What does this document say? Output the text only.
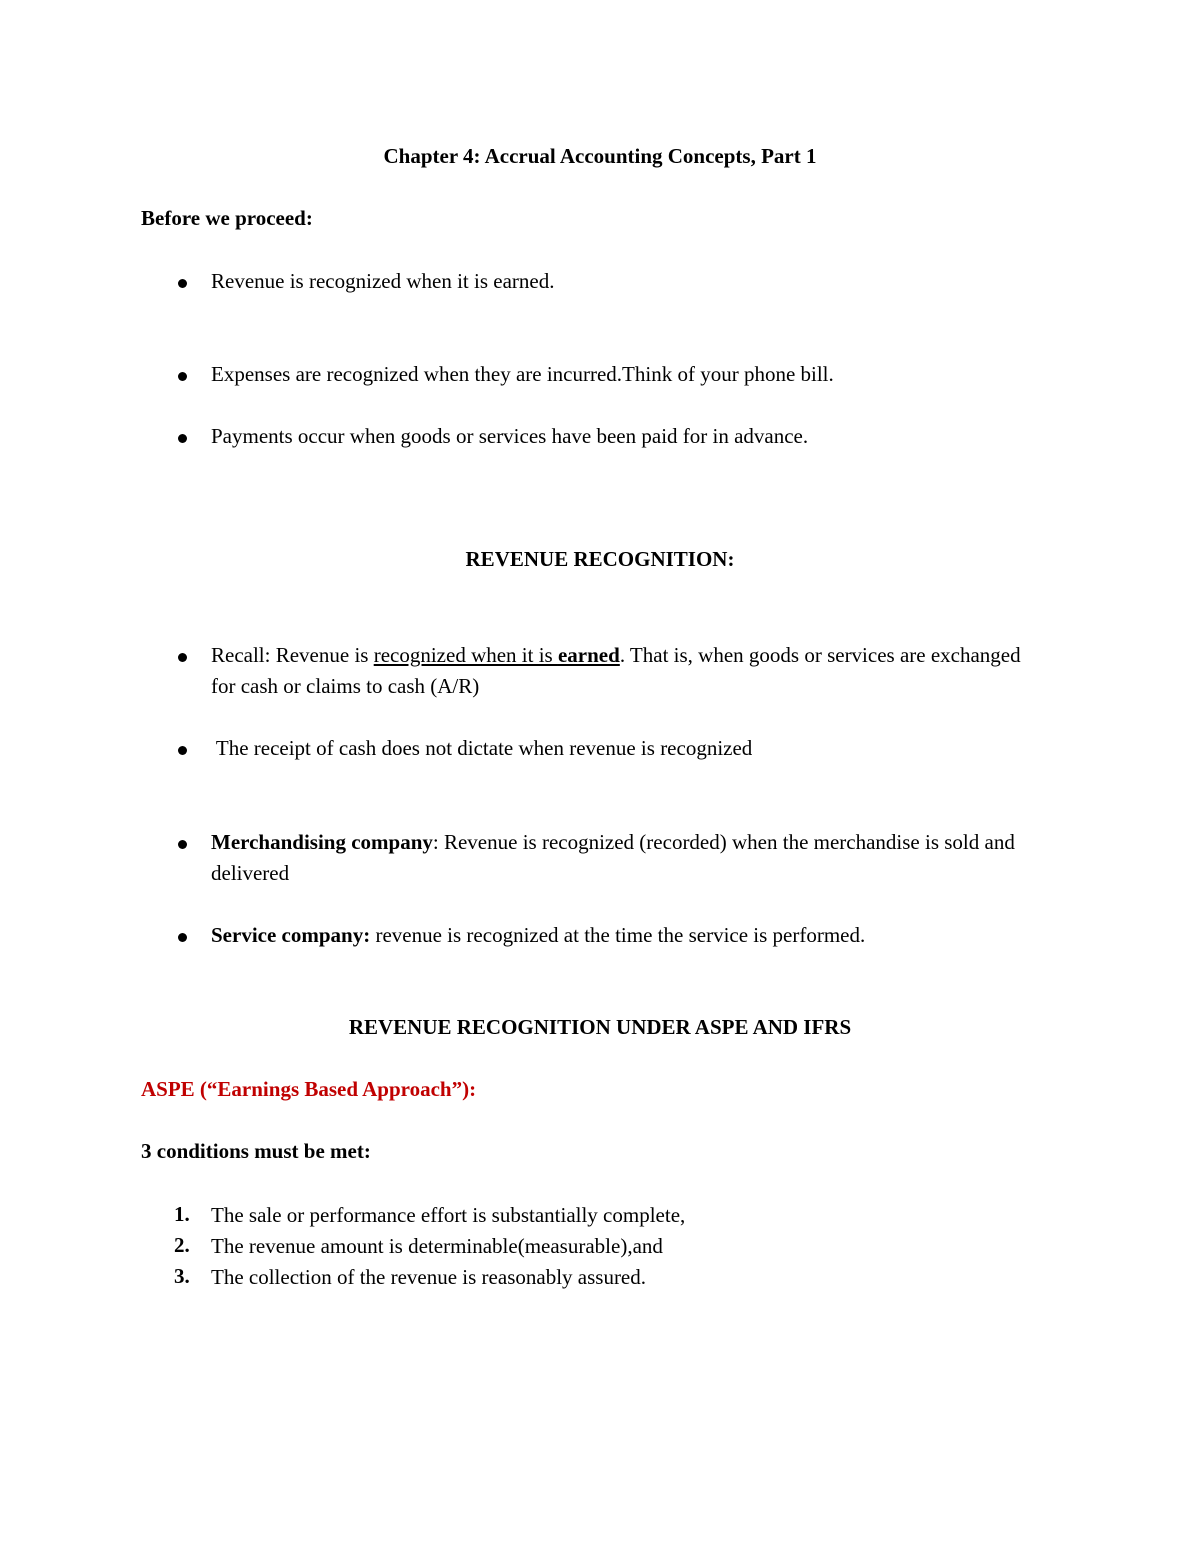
Chapter 4: Accrual Accounting Concepts, Part 1
Before we proceed:
Revenue is recognized when it is earned.
Expenses are recognized when they are incurred.Think of your phone bill.
Payments occur when goods or services have been paid for in advance.
REVENUE RECOGNITION:
Recall: Revenue is recognized when it is earned. That is, when goods or services are exchanged for cash or claims to cash (A/R)
The receipt of cash does not dictate when revenue is recognized
Merchandising company: Revenue is recognized (recorded) when the merchandise is sold and delivered
Service company: revenue is recognized at the time the service is performed.
REVENUE RECOGNITION UNDER ASPE AND IFRS
ASPE (“Earnings Based Approach”):
3 conditions must be met:
1. The sale or performance effort is substantially complete,
2. The revenue amount is determinable(measurable),and
3. The collection of the revenue is reasonably assured.
